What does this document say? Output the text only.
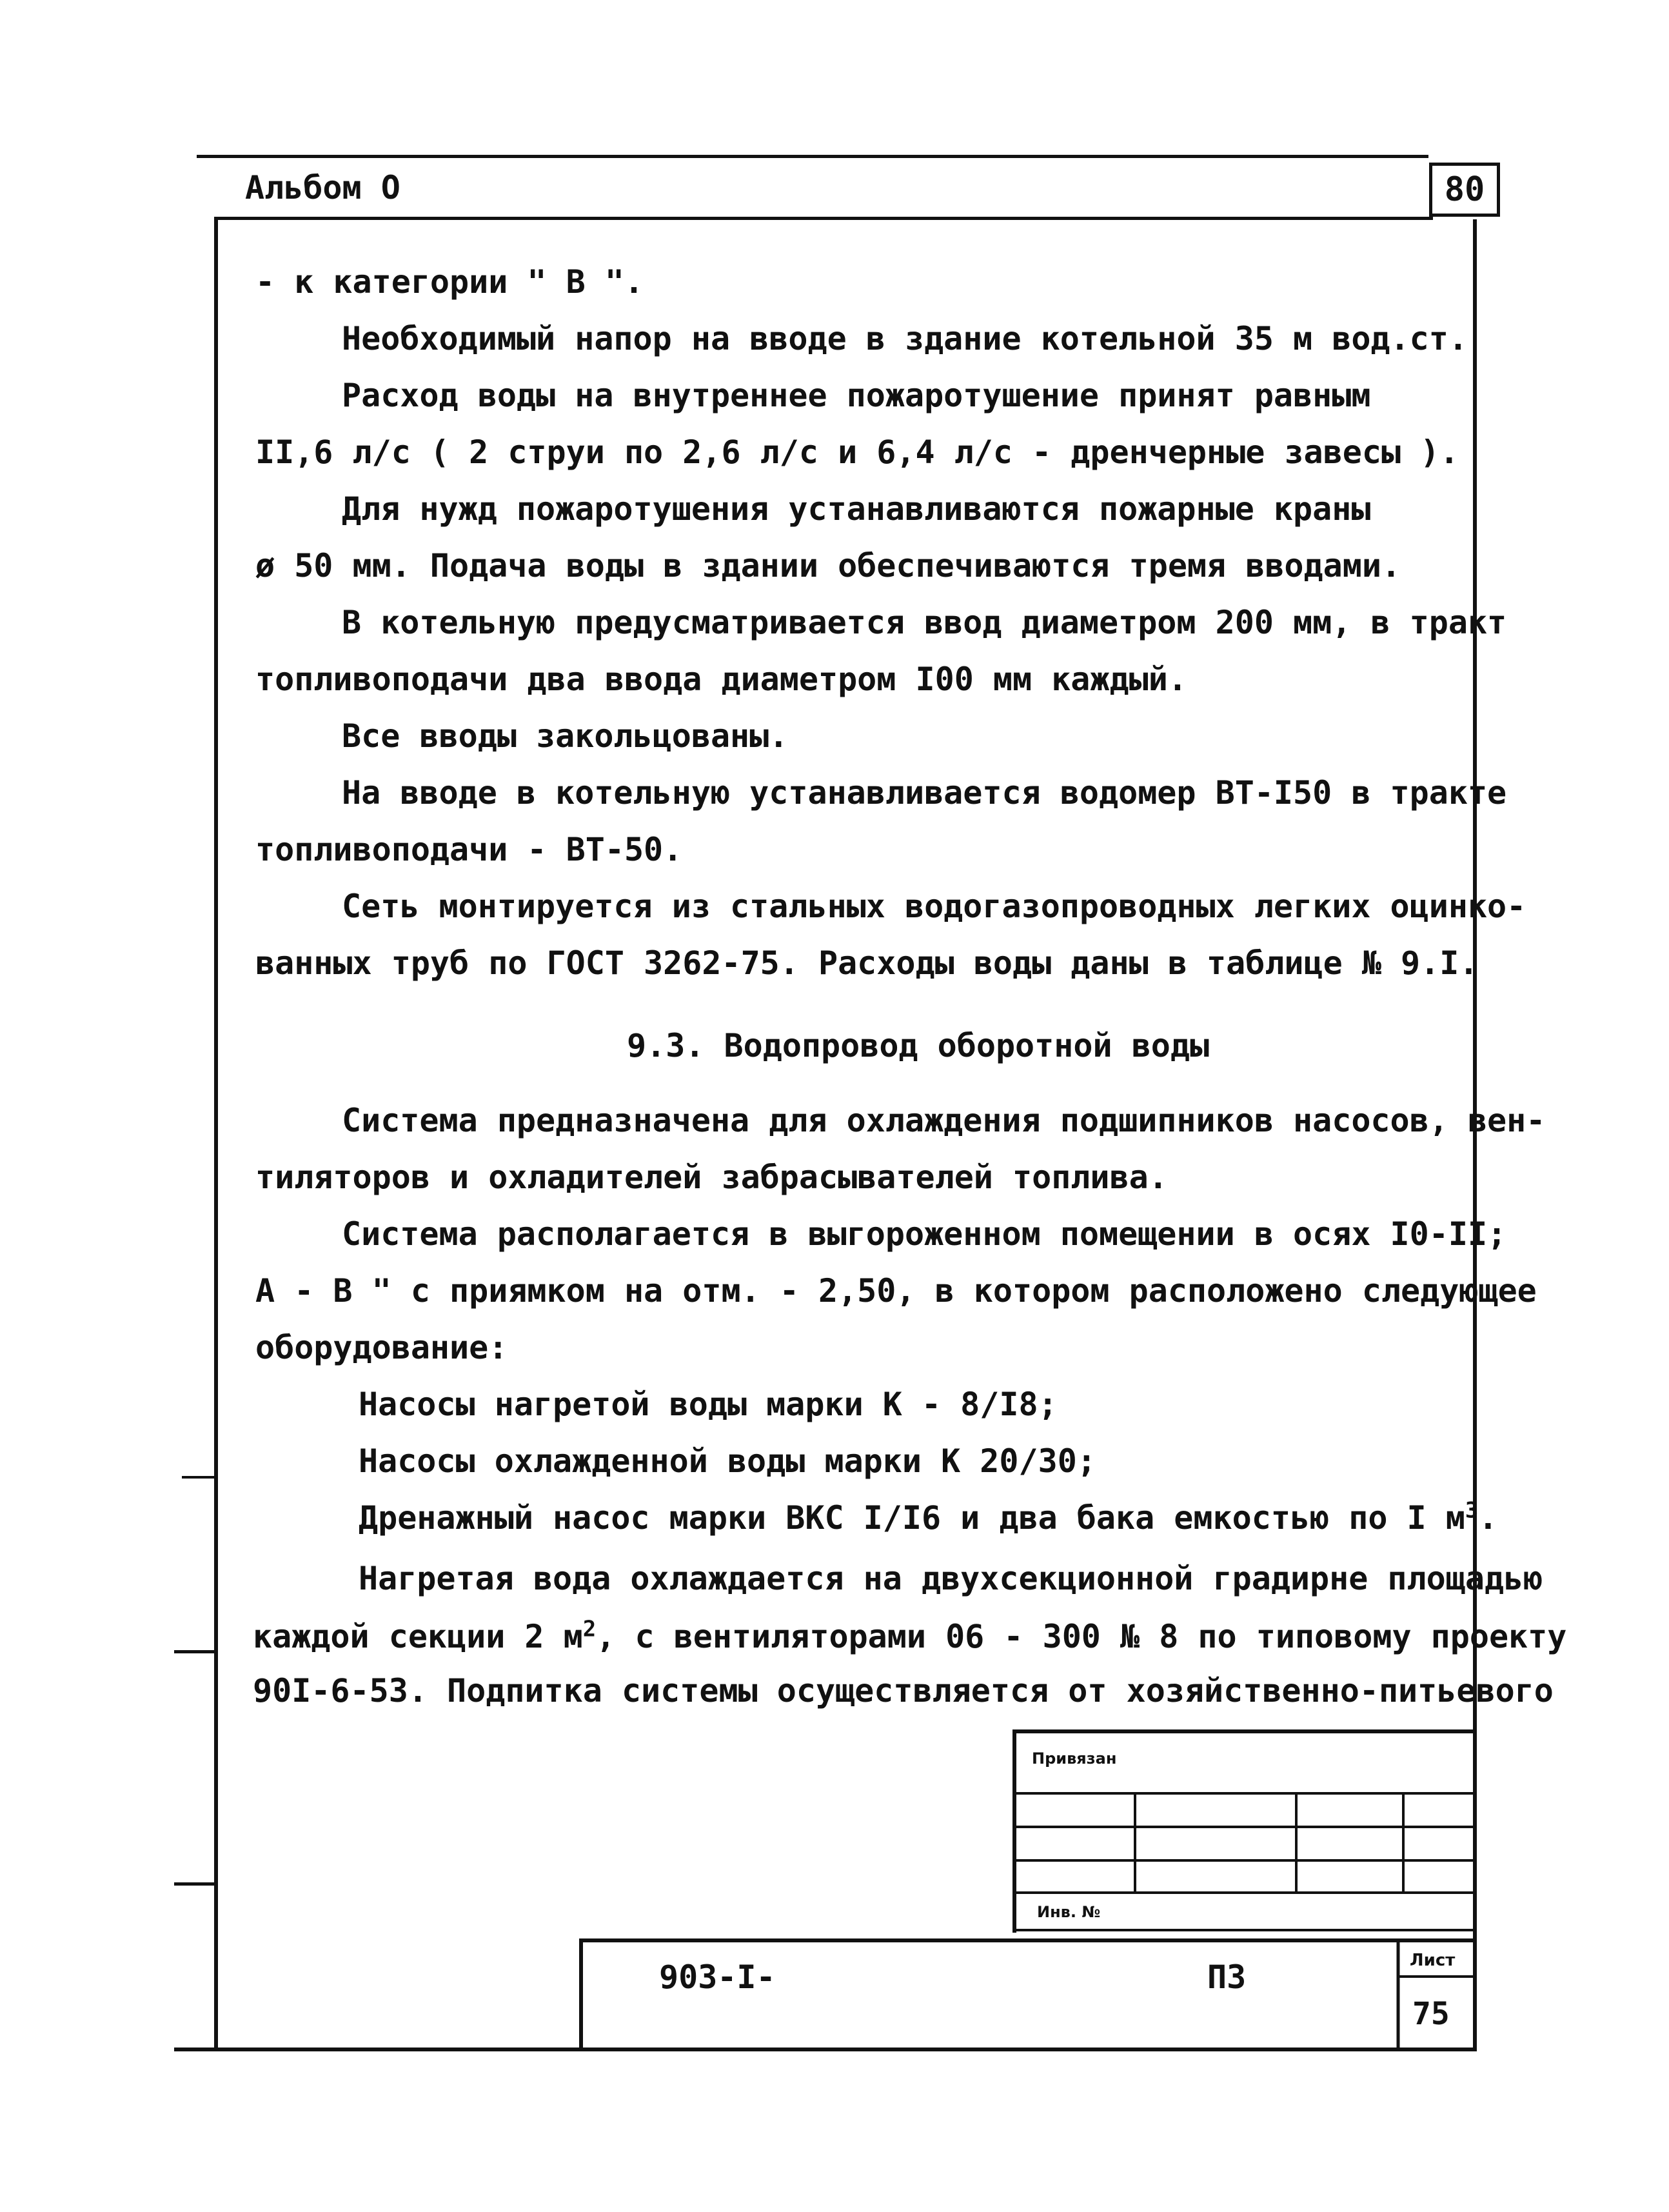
Альбом О	80
- к категории " В ".
Необходимый напор на вводе в здание котельной 35 м вод.ст.
Расход воды на внутреннее пожаротушение принят равным
II,6 л/с ( 2 струи по 2,6 л/с и 6,4 л/с - дренчерные завесы ).
Для нужд пожаротушения устанавливаются пожарные краны
ø 50 мм. Подача воды в здании обеспечиваются тремя вводами.
В котельную предусматривается ввод диаметром 200 мм, в тракт
топливоподачи два ввода диаметром I00 мм каждый.
Все вводы закольцованы.
На вводе в котельную устанавливается водомер ВТ-I50 в тракте
топливоподачи - ВТ-50.
Сеть монтируется из стальных водогазопроводных легких оцинко-
ванных труб по ГОСТ 3262-75. Расходы воды даны в таблице № 9.I.
9.3. Водопровод оборотной воды
Система предназначена для охлаждения подшипников насосов, вен-
тиляторов и охладителей забрасывателей топлива.
Система располагается в выгороженном помещении в осях I0-II;
А - В " с приямком на отм. - 2,50, в котором расположено следующее
оборудование:
Насосы нагретой воды марки К - 8/I8;
Насосы охлажденной воды марки К 20/30;
Дренажный насос марки ВКС I/I6 и два бака емкостью по I $м^3$.
Нагретая вода охлаждается на двухсекционной градирне площадью
каждой секции 2 $м^2$, с вентиляторами 06 - 300 № 8 по типовому проекту
90I-6-53. Подпитка системы осуществляется от хозяйственно-питьевого
Привязан
Инв. №
903-I-	ПЗ	Лист
75
